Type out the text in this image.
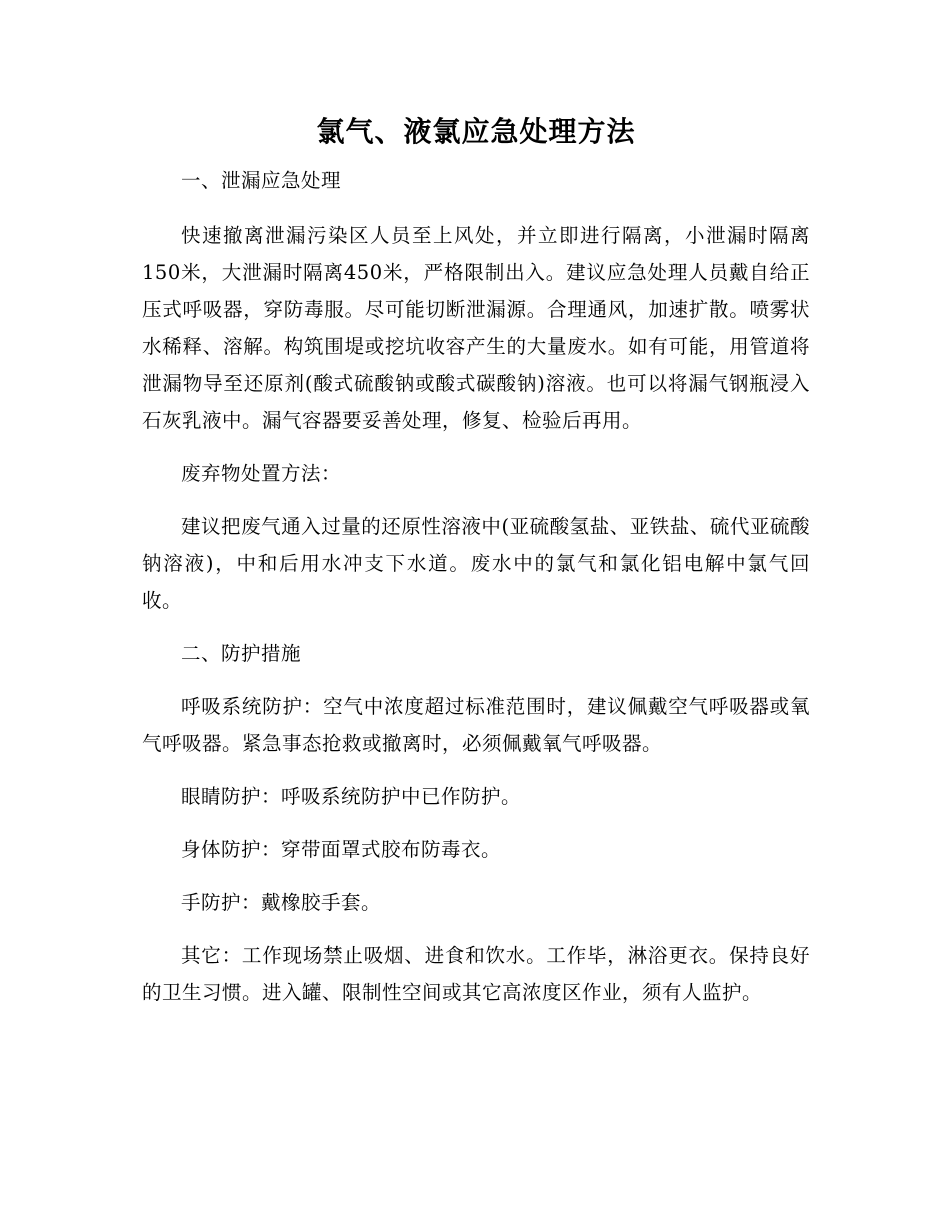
氯气、液氯应急处理方法

一、泄漏应急处理

快速撤离泄漏污染区人员至上风处，并立即进行隔离，小泄漏时隔离150米，大泄漏时隔离450米，严格限制出入。建议应急处理人员戴自给正压式呼吸器，穿防毒服。尽可能切断泄漏源。合理通风，加速扩散。喷雾状水稀释、溶解。构筑围堤或挖坑收容产生的大量废水。如有可能，用管道将泄漏物导至还原剂(酸式硫酸钠或酸式碳酸钠)溶液。也可以将漏气钢瓶浸入石灰乳液中。漏气容器要妥善处理，修复、检验后再用。

废弃物处置方法：

建议把废气通入过量的还原性溶液中(亚硫酸氢盐、亚铁盐、硫代亚硫酸钠溶液)，中和后用水冲支下水道。废水中的氯气和氯化铝电解中氯气回收。

二、防护措施

呼吸系统防护：空气中浓度超过标准范围时，建议佩戴空气呼吸器或氧气呼吸器。紧急事态抢救或撤离时，必须佩戴氧气呼吸器。

眼睛防护：呼吸系统防护中已作防护。

身体防护：穿带面罩式胶布防毒衣。

手防护：戴橡胶手套。

其它：工作现场禁止吸烟、进食和饮水。工作毕，淋浴更衣。保持良好的卫生习惯。进入罐、限制性空间或其它高浓度区作业，须有人监护。
